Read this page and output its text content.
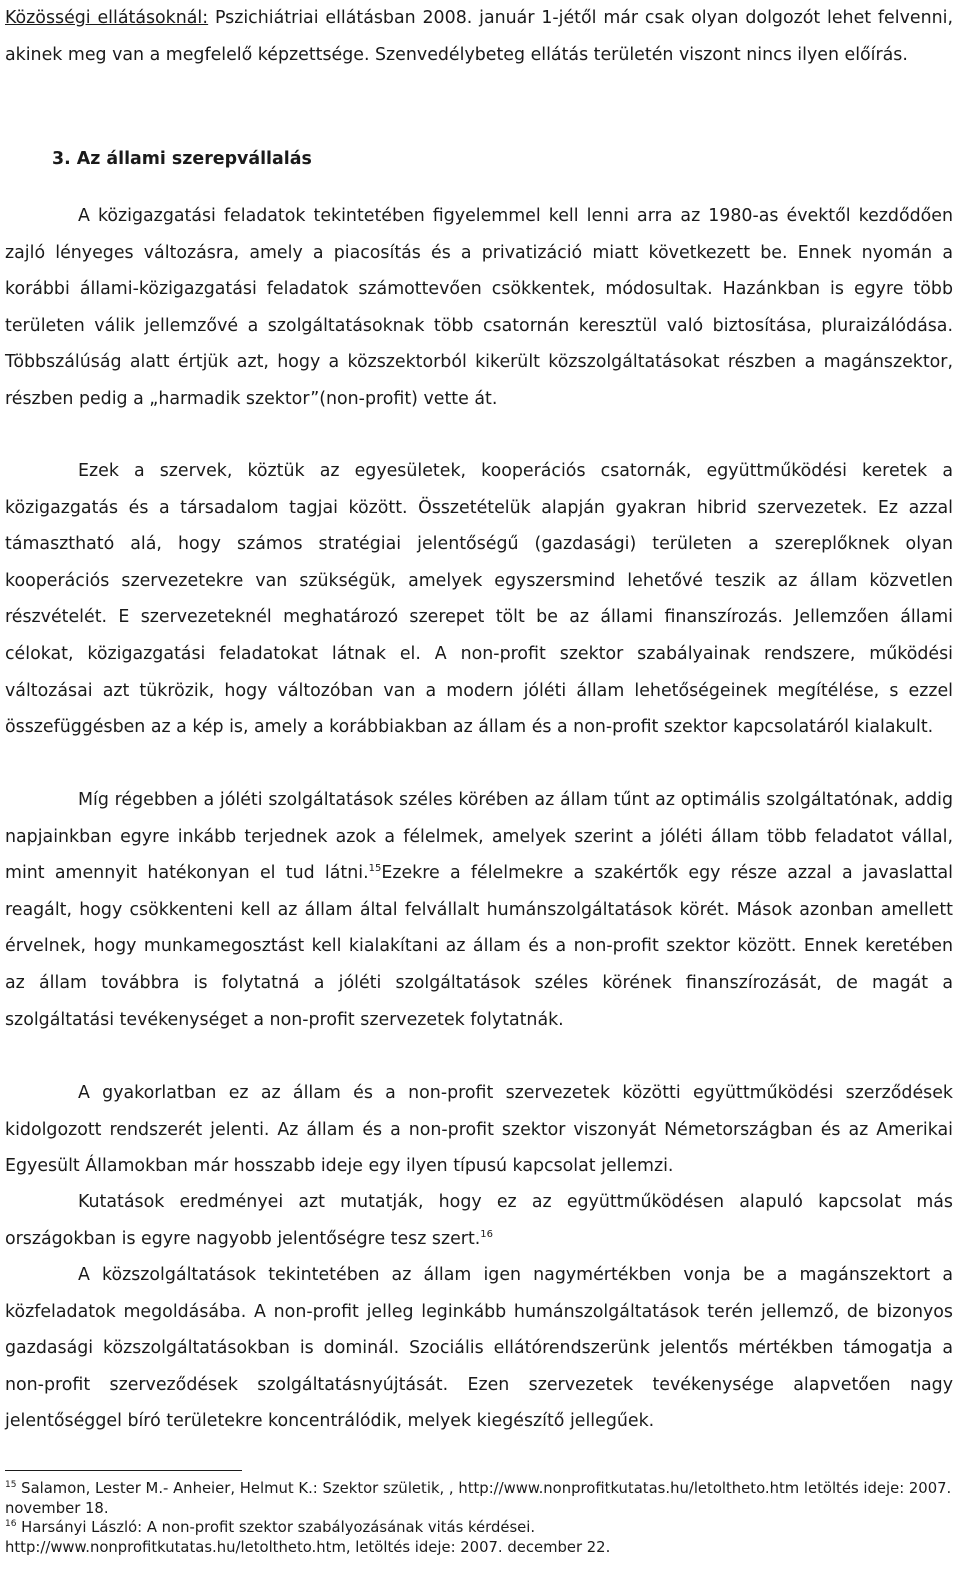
Közösségi ellátásoknál: Pszichiátriai ellátásban 2008. január 1-jétől már csak olyan dolgozót lehet felvenni, akinek meg van a megfelelő képzettsége. Szenvedélybeteg ellátás területén viszont nincs ilyen előírás.

3. Az állami szerepvállalás

A közigazgatási feladatok tekintetében figyelemmel kell lenni arra az 1980-as évektől kezdődően zajló lényeges változásra, amely a piacosítás és a privatizáció miatt következett be. Ennek nyomán a korábbi állami-közigazgatási feladatok számottevően csökkentek, módosultak. Hazánkban is egyre több területen válik jellemzővé a szolgáltatásoknak több csatornán keresztül való biztosítása, pluraizálódása. Többszálúság alatt értjük azt, hogy a közszektorból kikerült közszolgáltatásokat részben a magánszektor, részben pedig a „harmadik szektor”(non-profit) vette át.

Ezek a szervek, köztük az egyesületek, kooperációs csatornák, együttműködési keretek a közigazgatás és a társadalom tagjai között. Összetételük alapján gyakran hibrid szervezetek. Ez azzal támasztható alá, hogy számos stratégiai jelentőségű (gazdasági) területen a szereplőknek olyan kooperációs szervezetekre van szükségük, amelyek egyszersmind lehetővé teszik az állam közvetlen részvételét. E szervezeteknél meghatározó szerepet tölt be az állami finanszírozás. Jellemzően állami célokat, közigazgatási feladatokat látnak el. A non-profit szektor szabályainak rendszere, működési változásai azt tükrözik, hogy változóban van a modern jóléti állam lehetőségeinek megítélése, s ezzel összefüggésben az a kép is, amely a korábbiakban az állam és a non-profit szektor kapcsolatáról kialakult.

Míg régebben a jóléti szolgáltatások széles körében az állam tűnt az optimális szolgáltatónak, addig napjainkban egyre inkább terjednek azok a félelmek, amelyek szerint a jóléti állam több feladatot vállal, mint amennyit hatékonyan el tud látni.$^{15}$Ezekre a félelmekre a szakértők egy része azzal a javaslattal reagált, hogy csökkenteni kell az állam által felvállalt humánszolgáltatások körét. Mások azonban amellett érvelnek, hogy munkamegosztást kell kialakítani az állam és a non-profit szektor között. Ennek keretében az állam továbbra is folytatná a jóléti szolgáltatások széles körének finanszírozását, de magát a szolgáltatási tevékenységet a non-profit szervezetek folytatnák.

A gyakorlatban ez az állam és a non-profit szervezetek közötti együttműködési szerződések kidolgozott rendszerét jelenti. Az állam és a non-profit szektor viszonyát Németországban és az Amerikai Egyesült Államokban már hosszabb ideje egy ilyen típusú kapcsolat jellemzi.

Kutatások eredményei azt mutatják, hogy ez az együttműködésen alapuló kapcsolat más országokban is egyre nagyobb jelentőségre tesz szert.$^{16}$

A közszolgáltatások tekintetében az állam igen nagymértékben vonja be a magánszektort a közfeladatok megoldásába. A non-profit jelleg leginkább humánszolgáltatások terén jellemző, de bizonyos gazdasági közszolgáltatásokban is dominál. Szociális ellátórendszerünk jelentős mértékben támogatja a non-profit szerveződések szolgáltatásnyújtását. Ezen szervezetek tevékenysége alapvetően nagy jelentőséggel bíró területekre koncentrálódik, melyek kiegészítő jellegűek.

$^{15}$ Salamon, Lester M.- Anheier, Helmut K.: Szektor születik, , http://www.nonprofitkutatas.hu/letoltheto.htm letöltés ideje: 2007. november 18.

$^{16}$ Harsányi László: A non-profit szektor szabályozásának vitás kérdései.

http://www.nonprofitkutatas.hu/letoltheto.htm, letöltés ideje: 2007. december 22.
